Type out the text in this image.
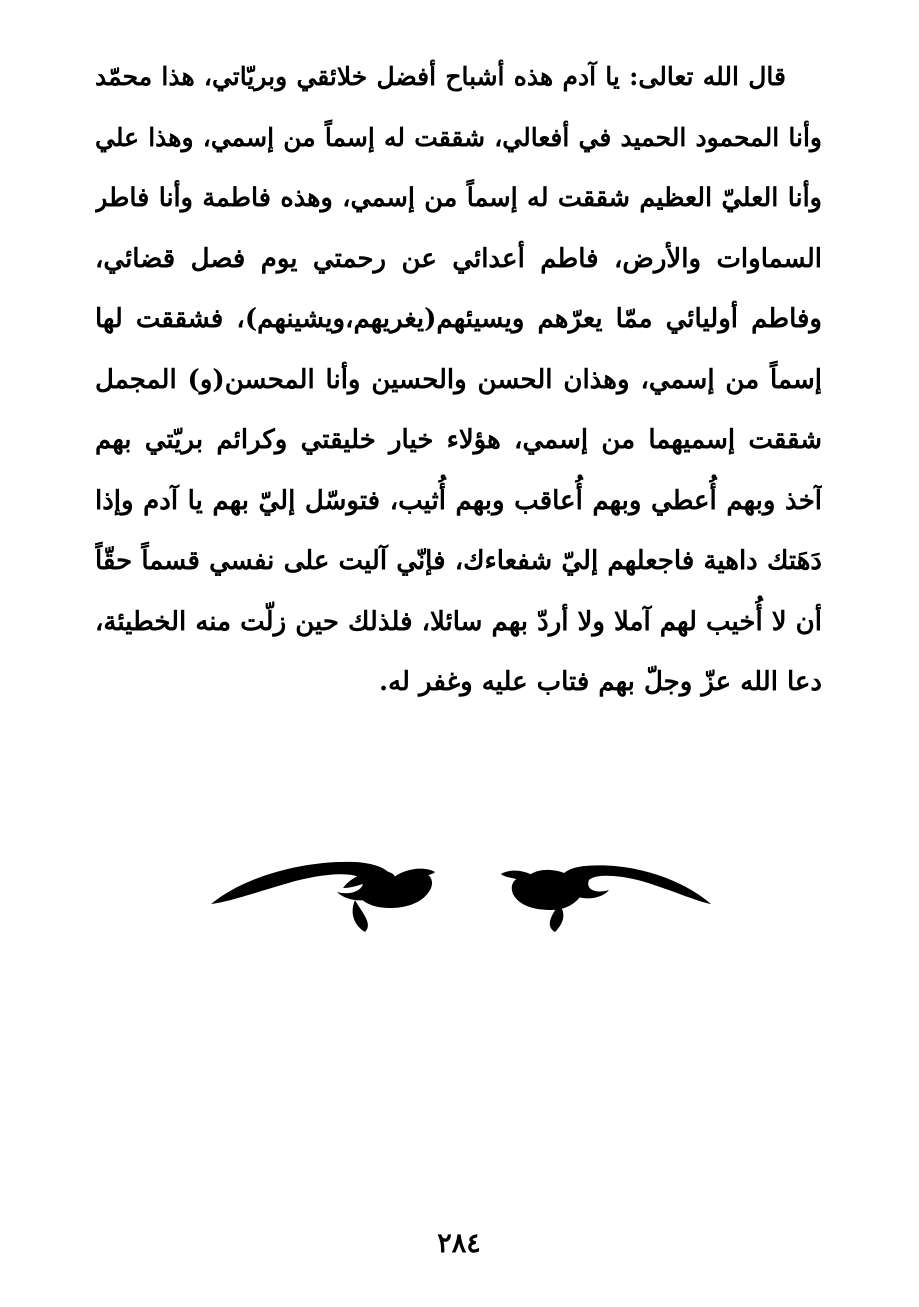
قال الله تعالى: يا آدم هذه أشباح أفضل خلائقي وبريّاتي، هذا محمّد
وأنا المحمود الحميد في أفعالي، شققت له إسماً من إسمي، وهذا علي
وأنا العليّ العظيم شققت له إسماً من إسمي، وهذه فاطمة وأنا فاطر
السماوات والأرض، فاطم أعدائي عن رحمتي يوم فصل قضائي،
وفاطم أوليائي ممّا يعرّهم ويسيئهم(يغريهم،ويشينهم)، فشققت لها
إسماً من إسمي، وهذان الحسن والحسين وأنا المحسن(و) المجمل
شققت إسميهما من إسمي، هؤلاء خيار خليقتي وكرائم بريّتي بهم
آخذ وبهم أُعطي وبهم أُعاقب وبهم أُثيب، فتوسّل إليّ بهم يا آدم وإذا
دَهَتك داهية فاجعلهم إليّ شفعاءك، فإنّي آليت على نفسي قسماً حقّاً
أن لا أُخيب لهم آملا ولا أردّ بهم سائلا، فلذلك حين زلّت منه الخطيئة،
دعا الله عزّ وجلّ بهم فتاب عليه وغفر له.
٢٨٤
